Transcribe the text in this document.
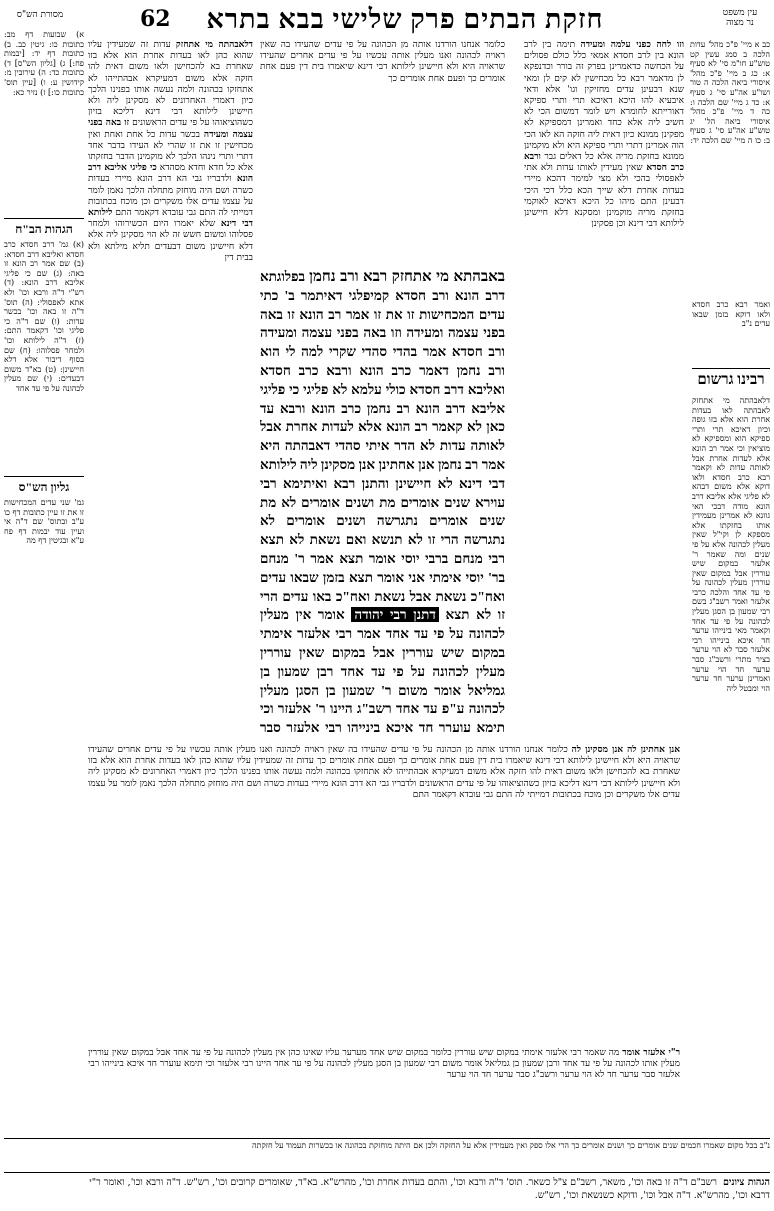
עין משפט
נר מצוה
חזקת הבתים פרק שלישי בבא בתרא
62
מסורת הש"ס
כב א מיי' פ"כ מהל' עדות הלכה ב סמג עשין קט טוש"ע חו"מ סי' לא סעיף א: כג ב מיי' פ"כ מהל' איסורי ביאה הלכה ה טור ושו"ע אה"ע סי' ג סעיף א: כד ג מיי' שם הלכה ו: כה ד מיי' פ"כ מהל' איסורי ביאה הל' יג טוש"ע אה"ע סי' ג סעיף ב: כו ה מיי' שם הלכה יד:
וזו לחה כפני עלמה ומעידה תימה בין לרב הונא בין לרב חסדא אמאי כלל כולם פסולים על הכחשה כדאמרינן בפרק זה בורר וכדנפקא לן מדאמר רבא כל מכחישין לא קים לן ומאי שנא דבעינן עדים מחזיקין וגו' אלא ודאי איבעיא להו היכא דאיכא תרי ותרי ספיקא דאורייתא לחומרא ויש לומר דמשום הכי לא חשיב ליה אלא כחד ואמרינן דמספיקא לא מפקינן ממונא כיון דאית ליה חזקה הא לאו הכי הוה אמרינן דתרי ותרי ספיקא היא ולא מוקמינן ממונא בחזקת מריה אלא כל דאלים גבר ורבא כרב חסדא שאין מעידין לאותו עדות ולא אתי לאפסולי בהכי ולא מצי למימר דהכא מיירי בעדות אחרת דלא שייך הכא כלל דכי היכי דבעינן התם מיהו כל היכא דאיכא לאוקמי בחזקת מריה מוקמינן ומסקנא דלא חיישינן לילותא דבי דינא וכן פסקינן
רבינו גרשום
דלאבהתה מי אתחזק לאבהתה לאו בעדות אחרת הוא אלא בזו גופה וכיון דאיכא תרי ותרי ספיקא הוא ומספיקא לא מוציאין וכי אמר רב הונא אלא לעדות אחרת אבל לאותה עדות לא וקאמר רבא כרב חסדא ולאו דוקא אלא משום דבהא לא פליגי אלא אליבא דרב הונא מודה דבכי האי גוונא לא אמרינן מעמידין אותו בחזקתו אלא מספקא לן וקי"ל שאין מעלין לכהונה אלא על פי שנים ומה שאמר ר' אלעזר במקום שיש עוררין אבל במקום שאין עוררין מעלין לכהונה על פי עד אחד והלכה כרבי אלעזר ואמר רשב"ג בשם רבי שמעון בן הסגן מעלין לכהונה על פי עד אחד וקאמר מאי בינייהו ערער חד איכא בינייהו רבי אלעזר סבר לא הוי ערער בציר מתרי ורשב"ג סבר ערער חד הוי ערער ואמרינן ערער חד ערער הוי ומבטל ליה
ואמר רבא כרב חסדא ולאו דוקא בזמן שבאו עדים נ"ב
באבהתא מי אתחזק רבא ורב נחמן בפלוגתא דרב הונא ורב חסדא קמיפלגי דאיתמר ב' כתי עדים המכחישות זו את זו אמר רב הונא זו באה בפני עצמה ומעידה וזו באה בפני עצמה ומעידה ורב חסדא אמר בהדי סהדי שקרי למה לי הוא ורב נחמן דאמר כרב הונא ורבא כרב חסדא ואליבא דרב חסדא כולי עלמא לא פליגי כי פליגי אליבא דרב הונא רב נחמן כרב הונא ורבא עד כאן לא קאמר רב הונא אלא לעדות אחרת אבל לאותה עדות לא הדר איתי סהדי דאבהתה היא אמר רב נחמן אנן אחתינן אנן מסקינן ליה לילותא דבי דינא לא חיישינן והתנן רבא ואיתימא רבי עוירא שנים אומרים מת ושנים אומרים לא מת שנים אומרים נתגרשה ושנים אומרים לא נתגרשה הרי זו לא תנשא ואם נשאת לא תצא רבי מנחם ברבי יוסי אומר תצא אמר ר' מנחם בר' יוסי אימתי אני אומר תצא בזמן שבאו עדים ואח"כ נשאת אבל נשאת ואח"כ באו עדים הרי זו לא תצא דתנן רבי יהודה אומר אין מעלין לכהונה על פי עד אחד אמר רבי אלעזר אימתי במקום שיש עוררין אבל במקום שאין עוררין מעלין לכהונה על פי עד אחד רבן שמעון בן גמליאל אומר משום ר' שמעון בן הסגן מעלין לכהונה ע"פ עד אחד רשב"ג היינו ר' אלעזר וכי תימא עוערר חד איכא בינייהו רבי אלעזר סבר
דלאבהתה מי אתחזק עדות זה שמעידין עליו שהוא כהן לאו בעדות אחרת הוא אלא בזו שאחרת בא להכחישן ולאו משום דאית להו חזקה אלא משום דמעיקרא אבהתייהו לא אתחזקו בכהונה ולמה נעשה אותו בפנינו הלכך כיון דאמרי האחרונים לא מסקינן ליה ולא חיישינן לילותא דבי דינא דליכא בזיון כשהוציאוהו על פי עדים הראשונים זו באה בפני עצמה ומעידה בכשר עדות כל אחת ואחת ואין מכחישין זו את זו שהרי לא העידו בדבר אחד דתרי ותרי נינהו הלכך לא מוקמינן הדבר בחזקתו אלא כל חדא וחדא מסהדא כי פליגי אליבא דרב הונא ולדבריו גבי הא דרב הונא מיירי בעדות כשרה ושם היה מוחזק מתחלה הלכך נאמן לומר על עצמו עדים אלו משקרים וכן מוכח בכתובות דמייתי לה התם גבי עובדא דקאמר התם לילותא דבי דינא שלא יאמרו היום הכשירוהו ולמחר פסלוהו ומשום חשש זה לא הוי מסקינן ליה אלא דלא חיישינן משום דבעדים תליא מילתא ולא בבית דין
כלומר אנחנו הורדנו אותה מן הכהונה על פי עדים שהעידו בה שאין ראויה לכהונה ואנו מעלין אותה עכשיו על פי עדים אחרים שהעידו שראויה היא ולא חיישינן לילותא דבי דינא שיאמרו בית דין פעם אחת אומרים כך ופעם אחת אומרים כך
א) שבועות דף מב: כתובות כו: גיטין כב. ב) כתובות דף יד: [יבמות פח:] ג) [גליון הש"ס] ד) כתובות כד: ה) עירובין מ: קידושין ע: ו) [עיין תוס' כתובות כו:] ז) נזיר כא:
הגהות הב"ח
(א) גמ' דרב חסדא כרב חסדא ואליבא דרב חסדא: (ב) שם אמר רב הונא זו באה: (ג) שם כי פליגי אליבא דרב הונא: (ד) רש"י ד"ה ורבא וכו' ולא אתא לאפסולי: (ה) תוס' ד"ה זו באה וכו' בכשר עדות: (ו) שם ד"ה כי פליגי וכו' דקאמר התם: (ז) ד"ה לילותא וכו' ולמחר פסלוהו: (ח) שם בסוף דיבור אלא דלא חיישינן: (ט) בא"ד משום דבעדים: (י) שם מעלין לכהונה על פי עד אחד
גליון הש"ס
גמ' שני עדים המכחישות זו את זו עיין כתובות דף כו ע"ב ובתוס' שם ד"ה אי ועיין עוד יבמות דף פח ע"א ובגיטין דף מה
אנן אחתינן לה אנן מסקינן לה כלומר אנחנו הורדנו אותה מן הכהונה על פי עדים שהעידו בה שאין ראויה לכהונה ואנו מעלין אותה עכשיו על פי עדים אחרים שהעידו שראויה היא ולא חיישינן לילותא דבי דינא שיאמרו בית דין פעם אחת אומרים כך ופעם אחת אומרים כך עדות זה שמעידין עליו שהוא כהן לאו בעדות אחרת הוא אלא בזו שאחרת בא להכחישן ולאו משום דאית להו חזקה אלא משום דמעיקרא אבהתייהו לא אתחזקו בכהונה ולמה נעשה אותו בפנינו הלכך כיון דאמרי האחרונים לא מסקינן ליה ולא חיישינן לילותא דבי דינא דליכא בזיון כשהוציאוהו על פי עדים הראשונים ולדבריו גבי הא דרב הונא מיירי בעדות כשרה ושם היה מוחזק מתחלה הלכך נאמן לומר על עצמו עדים אלו משקרים וכן מוכח בכתובות דמייתי לה התם גבי עובדא דקאמר התם
ר"י אלעזר אומר מה שאמר רבי אלעזר אימתי במקום שיש עוררין כלומר במקום שיש אחד מערער עליו שאינו כהן אין מעלין לכהונה על פי עד אחד אבל במקום שאין עוררין מעלין אותו לכהונה על פי עד אחד ורבן שמעון בן גמליאל אומר משום רבי שמעון בן הסגן מעלין לכהונה על פי עד אחד היינו רבי אלעזר וכי תימא עוערר חד איכא בינייהו רבי אלעזר סבר ערער חד לא הוי ערער ורשב"ג סבר ערער חד הוי ערער
נ"ב בכל מקום שאמרו חכמים שנים אומרים כך ושנים אומרים כך הרי אלו ספק ואין מעמידין אלא על החזקה ולכן אם היתה מוחזקת בכהונה או בכשרות תעמוד על חזקתה
הגהות ציונים  רשב"ם ד"ה זו באה וכו', משאר, רשב"ם צ"ל כשאר. תוס' ד"ה ורבא וכו', והתם בעדות אחרת וכו', מהרש"א. בא"ד, שאומרים קרובים וכו', רש"ש. ד"ה ורבא וכו', ואומר ר"י
דרבא וכו', מהרש"א. ד"ה אבל וכו', ודוקא כשנשאת וכו', רש"ש.
